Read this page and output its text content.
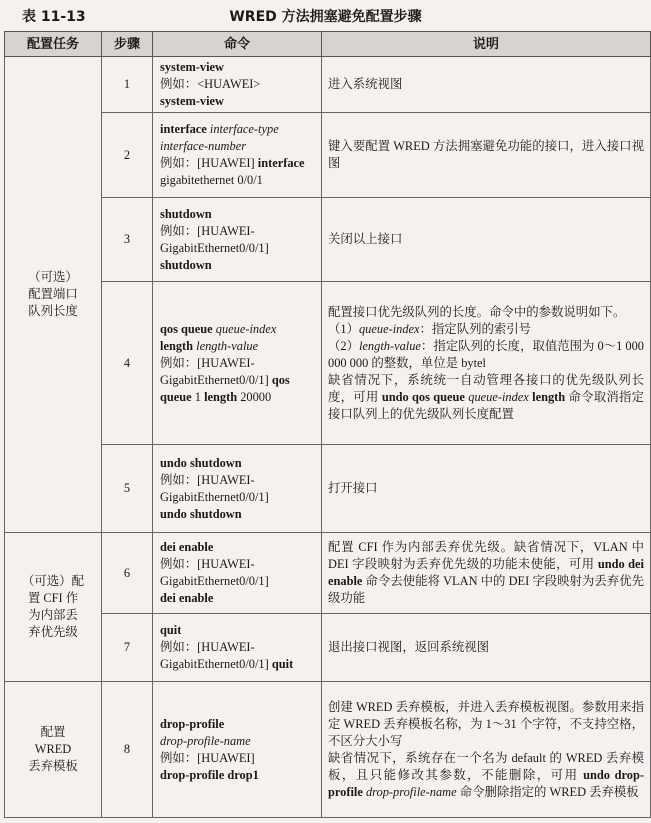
表 11-13	WRED 方法拥塞避免配置步骤
配置任务	步骤	命令	说明

（可选）
配置端口
队列长度	1	system-view
例如：<HUAWEI>
system-view	进入系统视图

	2	interface interface-type
interface-number
例如：[HUAWEI] interface
gigabitethernet 0/0/1	键入要配置 WRED 方法拥塞避免功能的接口，进入接口视图

	3	shutdown
例如：[HUAWEI-
GigabitEthernet0/0/1]
shutdown	关闭以上接口

	4	qos queue queue-index
length length-value
例如：[HUAWEI-
GigabitEthernet0/0/1] qos
queue 1 length 20000	配置接口优先级队列的长度。命令中的参数说明如下。
（1）queue-index：指定队列的索引号
（2）length-value：指定队列的长度，取值范围为 0～1 000 000 000 的整数，单位是 bytel
缺省情况下，系统统一自动管理各接口的优先级队列长度，可用 undo qos queue queue-index length 命令取消指定接口队列上的优先级队列长度配置

	5	undo shutdown
例如：[HUAWEI-
GigabitEthernet0/0/1]
undo shutdown	打开接口

（可选）配
置 CFI 作
为内部丢
弃优先级	6	dei enable
例如：[HUAWEI-
GigabitEthernet0/0/1]
dei enable	配置 CFI 作为内部丢弃优先级。缺省情况下，VLAN 中 DEI 字段映射为丢弃优先级的功能未使能，可用 undo dei enable 命令去使能将 VLAN 中的 DEI 字段映射为丢弃优先级功能

	7	quit
例如：[HUAWEI-
GigabitEthernet0/0/1] quit	退出接口视图，返回系统视图

配置
WRED
丢弃模板	8	drop-profile
drop-profile-name
例如：[HUAWEI]
drop-profile drop1	创建 WRED 丢弃模板，并进入丢弃模板视图。参数用来指定 WRED 丢弃模板名称，为 1～31 个字符，不支持空格，不区分大小写
缺省情况下，系统存在一个名为 default 的 WRED 丢弃模板，且只能修改其参数，不能删除，可用 undo drop-profile drop-profile-name 命令删除指定的 WRED 丢弃模板
